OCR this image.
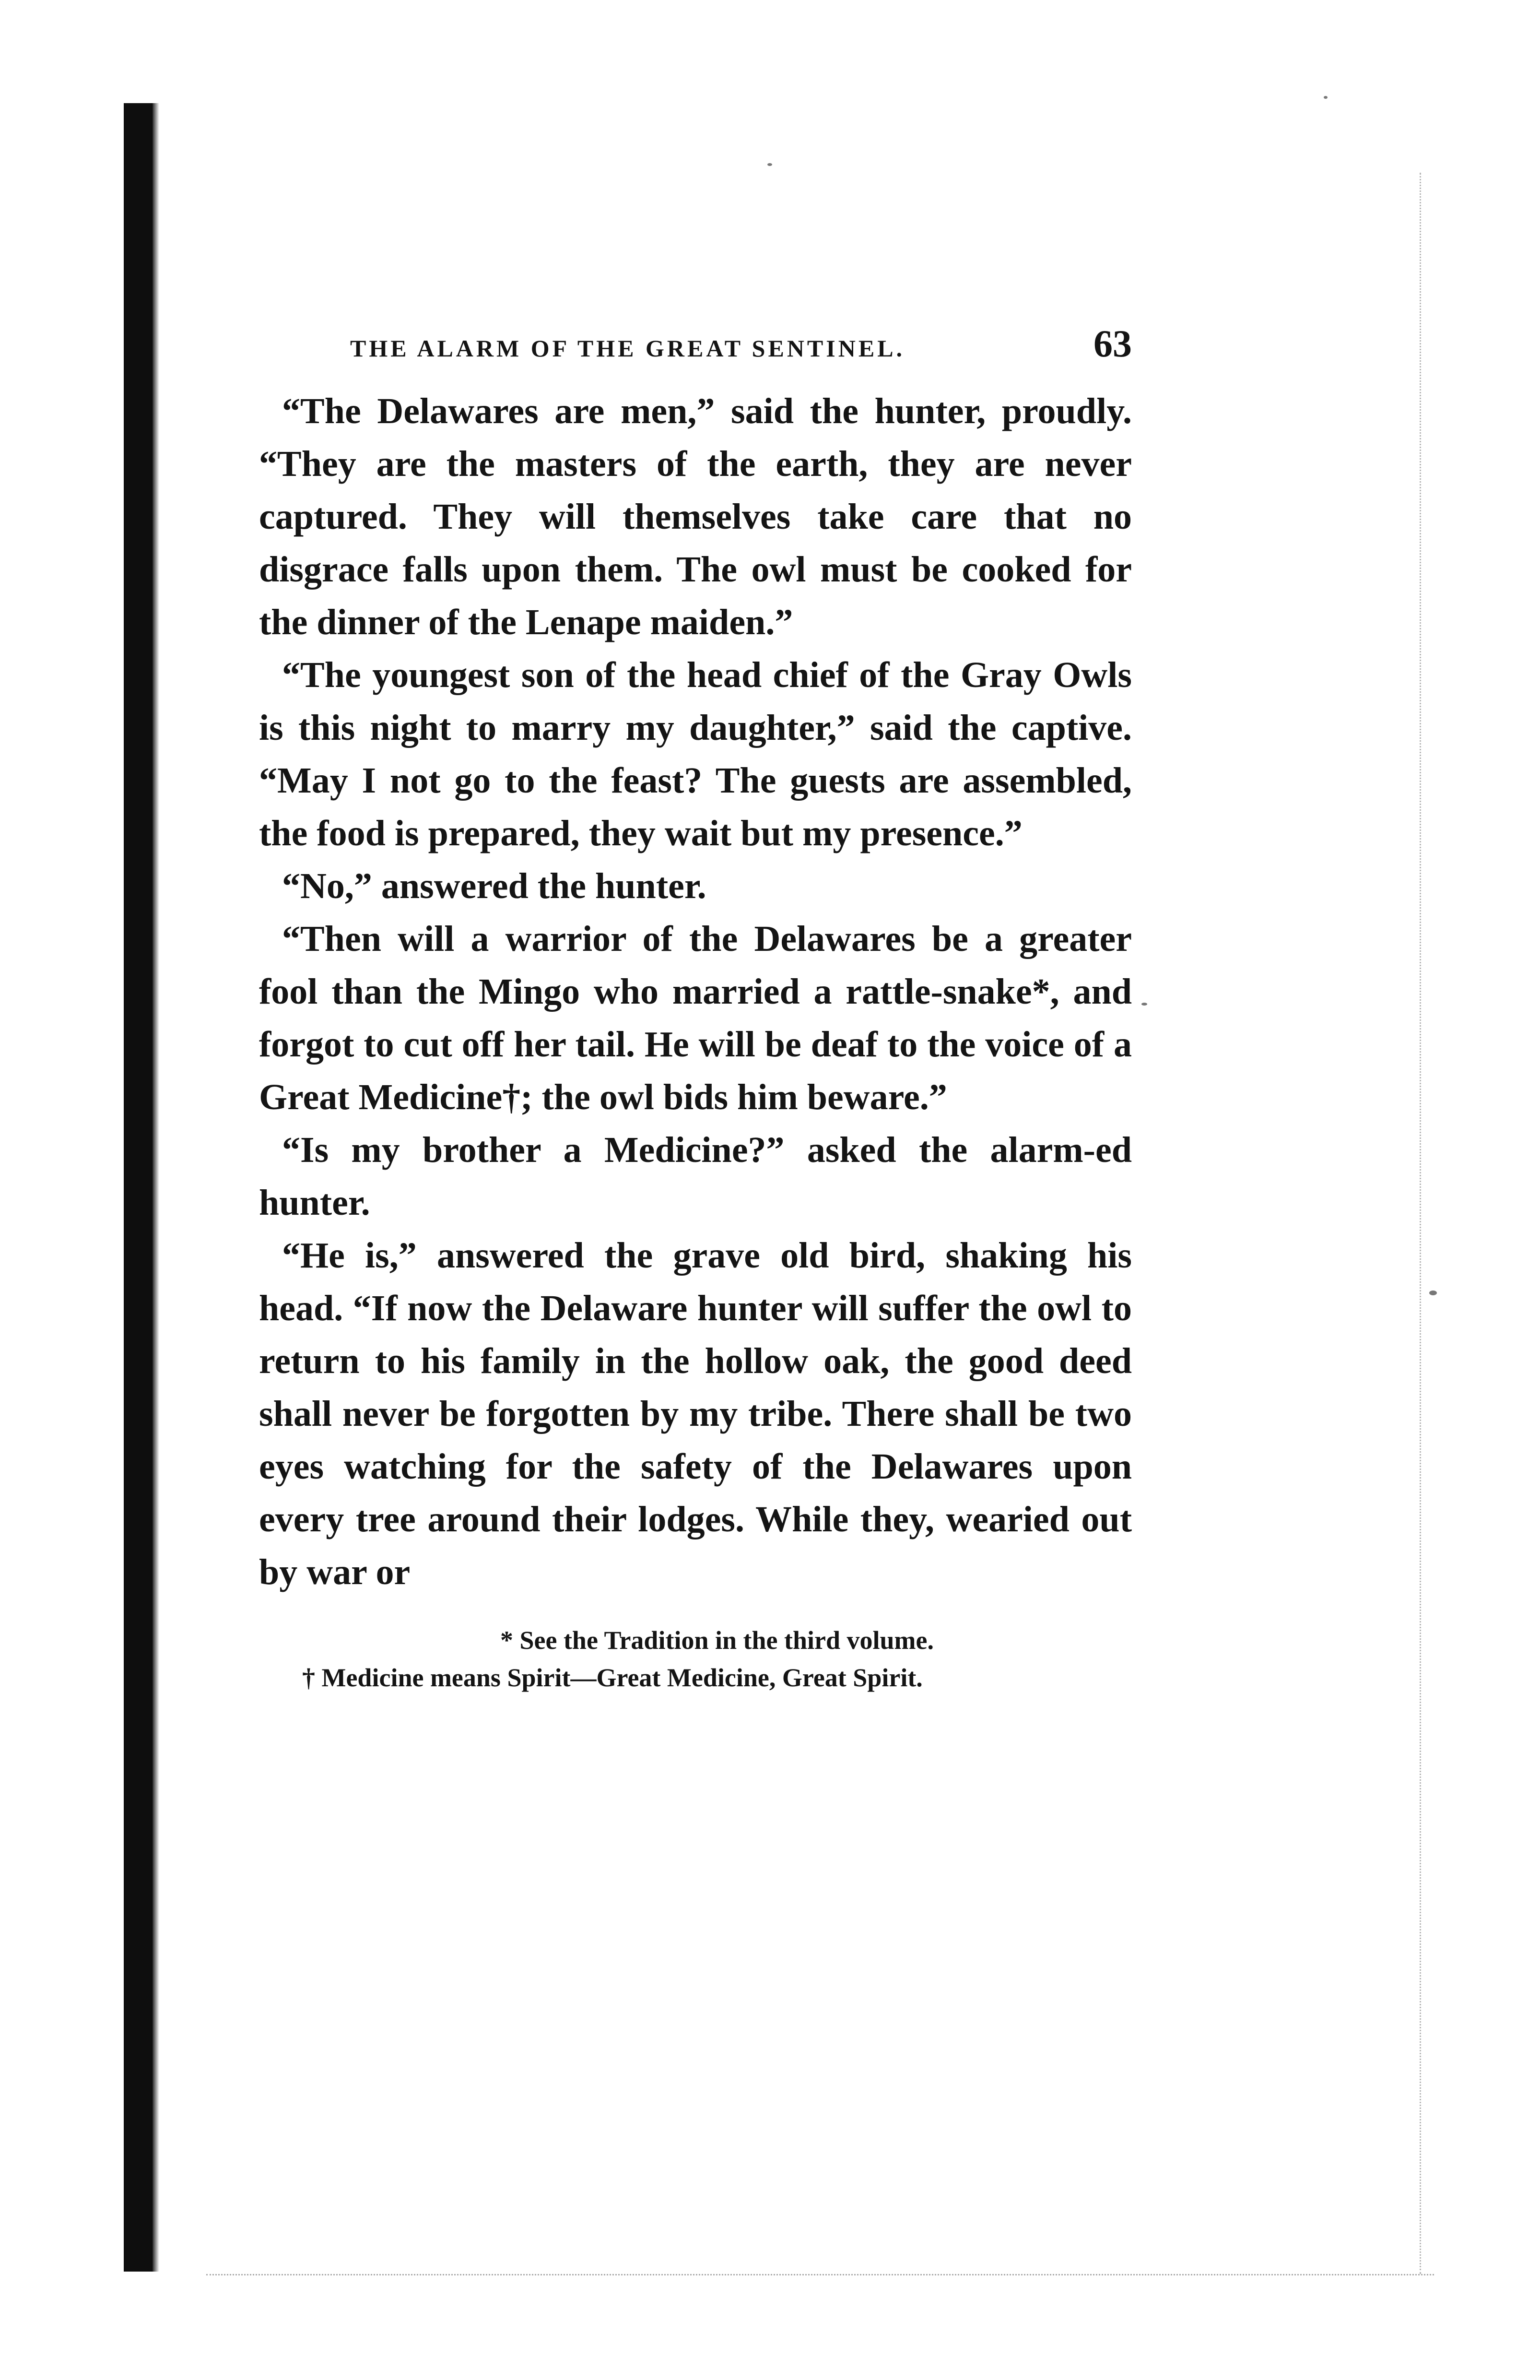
THE ALARM OF THE GREAT SENTINEL.	63

“The Delawares are men,” said the hunter, proudly. “They are the masters of the earth, they are never captured. They will themselves take care that no disgrace falls upon them. The owl must be cooked for the dinner of the Lenape maiden.”

“The youngest son of the head chief of the Gray Owls is this night to marry my daughter,” said the captive. “May I not go to the feast? The guests are assembled, the food is prepared, they wait but my presence.”

“No,” answered the hunter.

“Then will a warrior of the Delawares be a greater fool than the Mingo who married a rattle-snake*, and forgot to cut off her tail. He will be deaf to the voice of a Great Medicine†; the owl bids him beware.”

“Is my brother a Medicine?” asked the alarm-ed hunter.

“He is,” answered the grave old bird, shaking his head. “If now the Delaware hunter will suffer the owl to return to his family in the hollow oak, the good deed shall never be forgotten by my tribe. There shall be two eyes watching for the safety of the Delawares upon every tree around their lodges. While they, wearied out by war or

* See the Tradition in the third volume.

† Medicine means Spirit—Great Medicine, Great Spirit.
